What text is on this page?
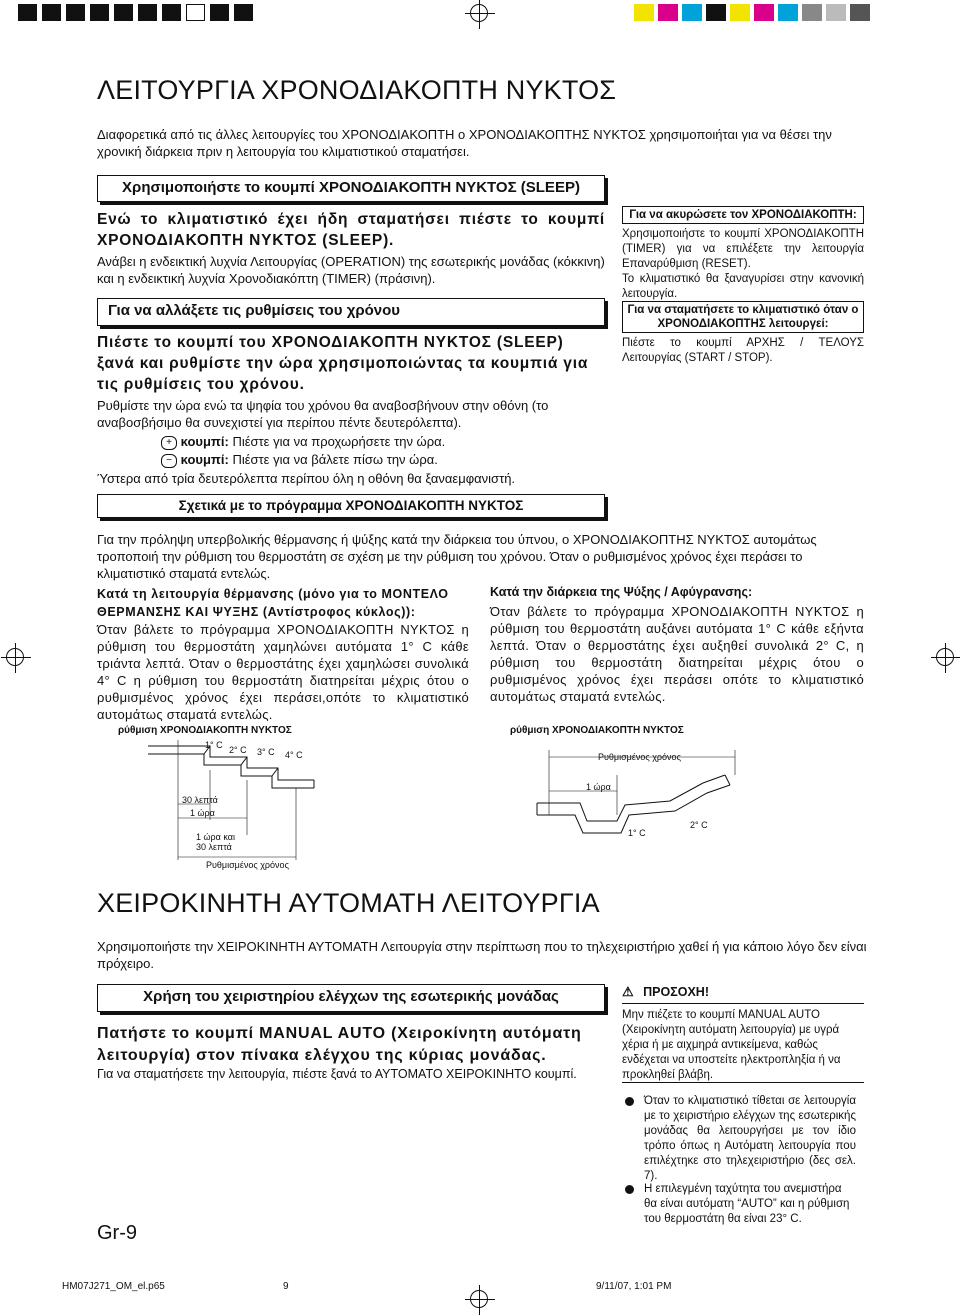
ΛΕΙΤΟΥΡΓΙΑ ΧΡΟΝΟΔΙΑΚΟΠΤΗ ΝΥΚΤΟΣ

Διαφορετικά από τις άλλες λειτουργίες του ΧΡΟΝΟΔΙΑΚΟΠΤΗ ο ΧΡΟΝΟΔΙΑΚΟΠΤΗΣ ΝΥΚΤΟΣ χρησιμοποιήται για να θέσει την χρονική διάρκεια πριν η λειτουργία του κλιματιστικού σταματήσει.

Χρησιμοποιήστε το κουμπί ΧΡΟΝΟΔΙΑΚΟΠΤΗ ΝΥΚΤΟΣ (SLEEP)

Ενώ το κλιματιστικό έχει ήδη σταματήσει πιέστε το κουμπί ΧΡΟΝΟΔΙΑΚΟΠΤΗ ΝΥΚΤΟΣ (SLEEP).

Ανάβει η ενδεικτική λυχνία Λειτουργίας (OPERATION) της εσωτερικής μονάδας (κόκκινη) και η ενδεικτική λυχνία Χρονοδιακόπτη (TIMER) (πράσινη).

Για να αλλάξετε τις ρυθμίσεις του χρόνου

Πιέστε το κουμπί του ΧΡΟΝΟΔΙΑΚΟΠΤΗ ΝΥΚΤΟΣ (SLEEP) ξανά και ρυθμίστε την ώρα χρησιμοποιώντας τα κουμπιά για τις ρυθμίσεις του χρόνου.

Ρυθμίστε την ώρα ενώ τα ψηφία του χρόνου θα αναβοσβήνουν στην οθόνη (το αναβοσβήσιμο θα συνεχιστεί για περίπου πέντε δευτερόλεπτα).

+ κουμπί: Πιέστε για να προχωρήσετε την ώρα.
− κουμπί: Πιέστε για να βάλετε πίσω την ώρα.

Ύστερα από τρία δευτερόλεπτα περίπου όλη η οθόνη θα ξαναεμφανιστή.

Για να ακυρώσετε τον ΧΡΟΝΟΔΙΑΚΟΠΤΗ:

Χρησιμοποιήστε το κουμπί ΧΡΟΝΟΔΙΑΚΟΠΤΗ (TIMER) για να επιλέξετε την λειτουργία Επαναρύθμιση (RESET).

Το κλιματιστικό θα ξαναγυρίσει στην κανονική λειτουργία.

Για να σταματήσετε το κλιματιστικό όταν ο ΧΡΟΝΟΔΙΑΚΟΠΤΗΣ λειτουργεί:

Πιέστε το κουμπί ΑΡΧΗΣ / ΤΕΛΟΥΣ Λειτουργίας (START / STOP).

Σχετικά με το πρόγραμμα ΧΡΟΝΟΔΙΑΚΟΠΤΗ ΝΥΚΤΟΣ

Για την πρόληψη υπερβολικής θέρμανσης ή ψύξης κατά την διάρκεια του ύπνου, ο ΧΡΟΝΟΔΙΑΚΟΠΤΗΣ ΝΥΚΤΟΣ αυτομάτως τροποποιή την ρύθμιση του θερμοστάτη σε σχέση με την ρύθμιση του χρόνου. Όταν ο ρυθμισμένος χρόνος έχει περάσει το κλιματιστικό σταματά εντελώς.

Κατά τη λειτουργία θέρμανσης (μόνο για το ΜΟΝΤΕΛΟ ΘΕΡΜΑΝΣΗΣ ΚΑΙ ΨΥΞΗΣ (Αντίστροφος κύκλος)):

Όταν βάλετε το πρόγραμμα ΧΡΟΝΟΔΙΑΚΟΠΤΗ ΝΥΚΤΟΣ η ρύθμιση του θερμοστάτη χαμηλώνει αυτόματα 1° C κάθε τριάντα λεπτά. Όταν ο θερμοστάτης έχει χαμηλώσει συνολικά 4° C η ρύθμιση του θερμοστάτη διατηρείται μέχρις ότου ο ρυθμισμένος χρόνος έχει περάσει,οπότε το κλιματιστικό αυτομάτως σταματά εντελώς.

Κατά την διάρκεια της Ψύξης / Αφύγρανσης:

Όταν βάλετε το πρόγραμμα ΧΡΟΝΟΔΙΑΚΟΠΤΗ ΝΥΚΤΟΣ η ρύθμιση του θερμοστάτη αυξάνει αυτόματα 1° C κάθε εξήντα λεπτά. Όταν ο θερμοστάτης έχει αυξηθεί συνολικά 2° C, η ρύθμιση του θερμοστάτη διατηρείται μέχρις ότου ο ρυθμισμένος χρόνος έχει περάσει οπότε το κλιματιστικό αυτομάτως σταματά εντελώς.

ρύθμιση ΧΡΟΝΟΔΙΑΚΟΠΤΗ ΝΥΚΤΟΣ
1° C 2° C 3° C 4° C
30 λεπτά
1 ώρα
1 ώρα και
30 λεπτά
Ρυθμισμένος χρόνος
ρύθμιση ΧΡΟΝΟΔΙΑΚΟΠΤΗ ΝΥΚΤΟΣ
Ρυθμισμένος χρόνος
1 ώρα
1° C
2° C
ΧΕΙΡΟΚΙΝΗΤΗ ΑΥΤΟΜΑΤΗ ΛΕΙΤΟΥΡΓΙΑ

Χρησιμοποιήστε την ΧΕΙΡΟΚΙΝΗΤΗ ΑΥΤΟΜΑΤΗ Λειτουργία στην περίπτωση που το τηλεχειριστήριο χαθεί ή για κάποιο λόγο δεν είναι πρόχειρο.

Χρήση του χειριστηρίου ελέγχων της εσωτερικής μονάδας

Πατήστε το κουμπί MANUAL AUTO (Χειροκίνητη αυτόματη λειτουργία) στον πίνακα ελέγχου της κύριας μονάδας.

Για να σταματήσετε την λειτουργία, πιέστε ξανά το ΑΥΤΟΜΑΤΟ ΧΕΙΡΟΚΙΝΗΤΟ κουμπί.

⚠ ΠΡΟΣΟΧΗ!

Μην πιέζετε το κουμπί MANUAL AUTO (Χειροκίνητη αυτόματη λειτουργία) με υγρά χέρια ή με αιχμηρά αντικείμενα, καθώς ενδέχεται να υποστείτε ηλεκτροπληξία ή να προκληθεί βλάβη.

Όταν το κλιματιστικό τίθεται σε λειτουργία με το χειριστήριο ελέγχων της εσωτερικής μονάδας θα λειτουργήσει με τον ίδιο τρόπο όπως η Αυτόματη λειτουργία που επιλέχτηκε στο τηλεχειριστήριο (δες σελ. 7).

Η επιλεγμένη ταχύτητα του ανεμιστήρα θα είναι αυτόματη “AUTO” και η ρύθμιση του θερμοστάτη θα είναι 23° C.

Gr-9
HM07J271_OM_el.p65	9	9/11/07, 1:01 PM
